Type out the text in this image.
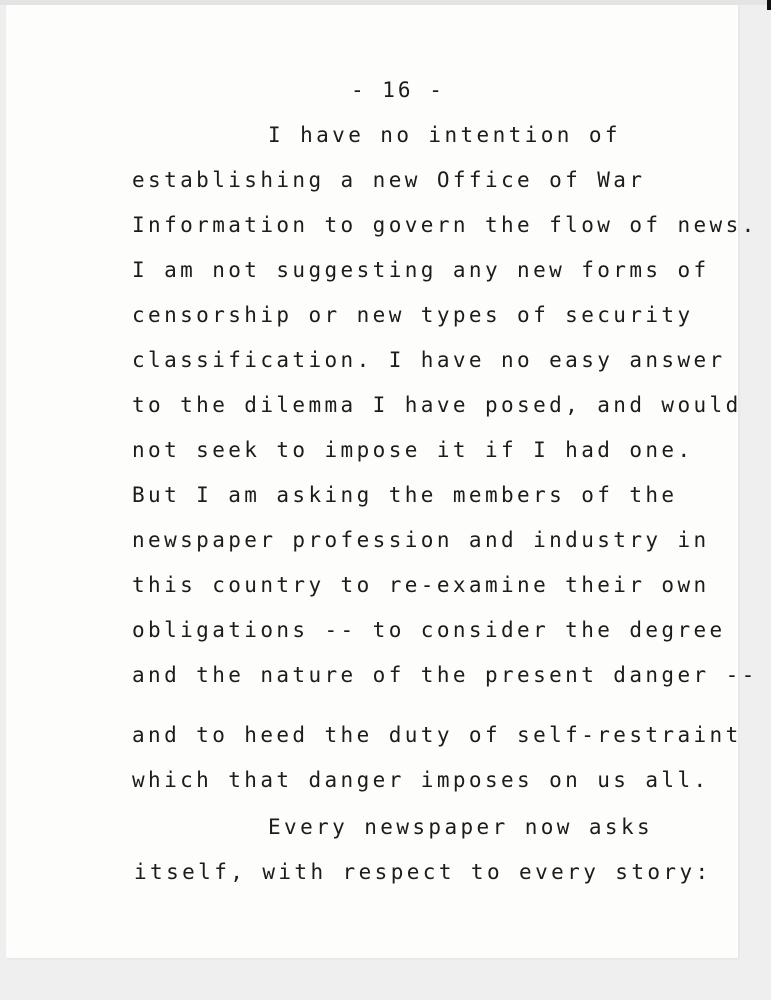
- 16 -

I have no intention of

establishing a new Office of War

Information to govern the flow of news.

I am not suggesting any new forms of

censorship or new types of security

classification. I have no easy answer

to the dilemma I have posed, and would

not seek to impose it if I had one.

But I am asking the members of the

newspaper profession and industry in

this country to re-examine their own

obligations -- to consider the degree

and the nature of the present danger --

and to heed the duty of self-restraint

which that danger imposes on us all.

Every newspaper now asks

itself, with respect to every story:
